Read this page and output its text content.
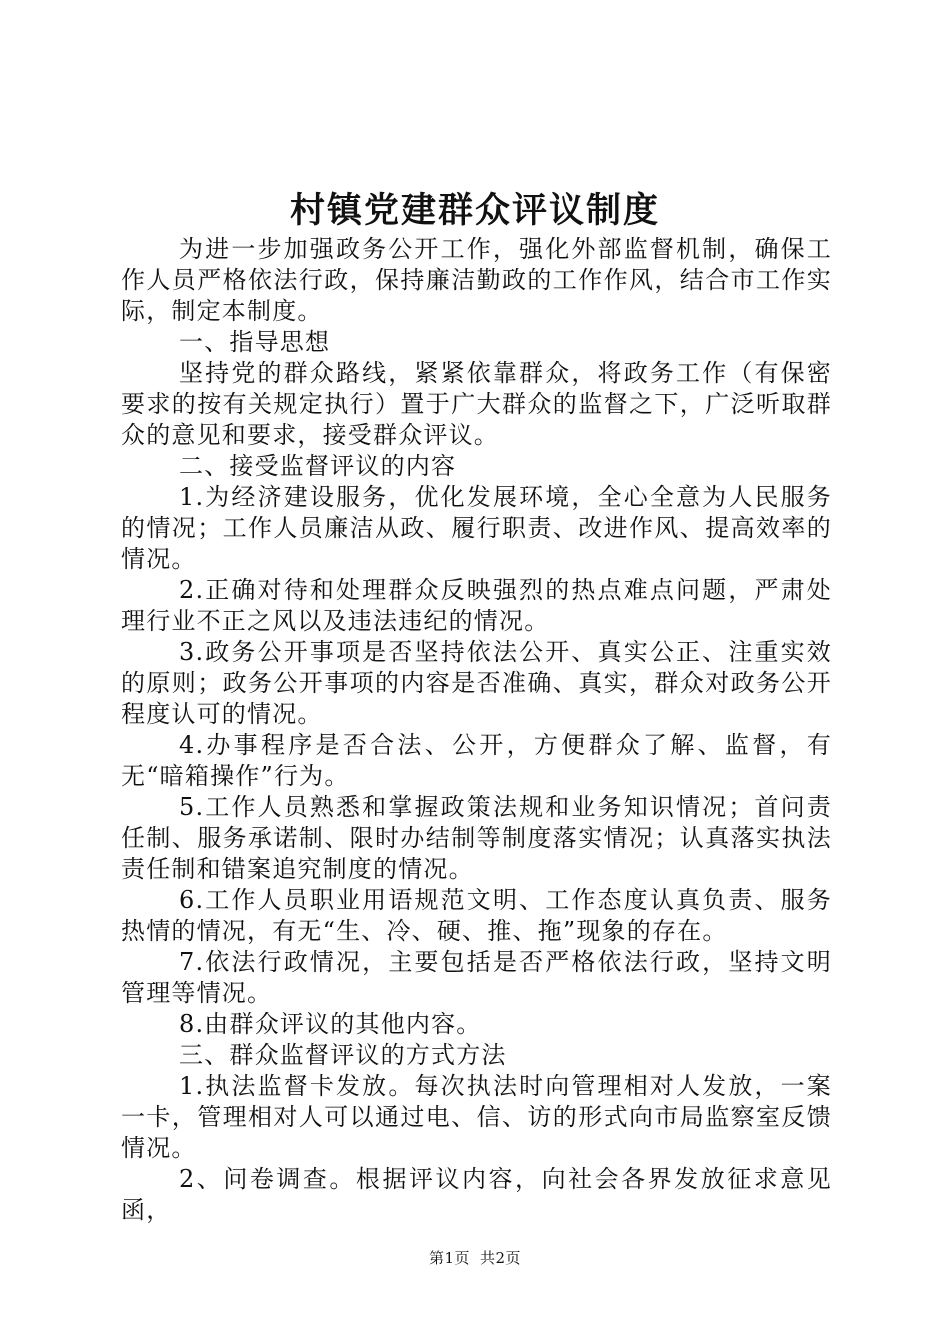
村镇党建群众评议制度

为进一步加强政务公开工作，强化外部监督机制，确保工作人员严格依法行政，保持廉洁勤政的工作作风，结合市工作实际，制定本制度。

一、指导思想

坚持党的群众路线，紧紧依靠群众，将政务工作（有保密要求的按有关规定执行）置于广大群众的监督之下，广泛听取群众的意见和要求，接受群众评议。

二、接受监督评议的内容

1.为经济建设服务，优化发展环境，全心全意为人民服务的情况；工作人员廉洁从政、履行职责、改进作风、提高效率的情况。

2.正确对待和处理群众反映强烈的热点难点问题，严肃处理行业不正之风以及违法违纪的情况。

3.政务公开事项是否坚持依法公开、真实公正、注重实效的原则；政务公开事项的内容是否准确、真实，群众对政务公开程度认可的情况。

4.办事程序是否合法、公开，方便群众了解、监督，有无“暗箱操作”行为。

5.工作人员熟悉和掌握政策法规和业务知识情况；首问责任制、服务承诺制、限时办结制等制度落实情况；认真落实执法责任制和错案追究制度的情况。

6.工作人员职业用语规范文明、工作态度认真负责、服务热情的情况，有无“生、冷、硬、推、拖”现象的存在。

7.依法行政情况，主要包括是否严格依法行政，坚持文明管理等情况。

8.由群众评议的其他内容。

三、群众监督评议的方式方法

1.执法监督卡发放。每次执法时向管理相对人发放，一案一卡，管理相对人可以通过电、信、访的形式向市局监察室反馈情况。

2、问卷调查。根据评议内容，向社会各界发放征求意见函，

第1页 共2页
